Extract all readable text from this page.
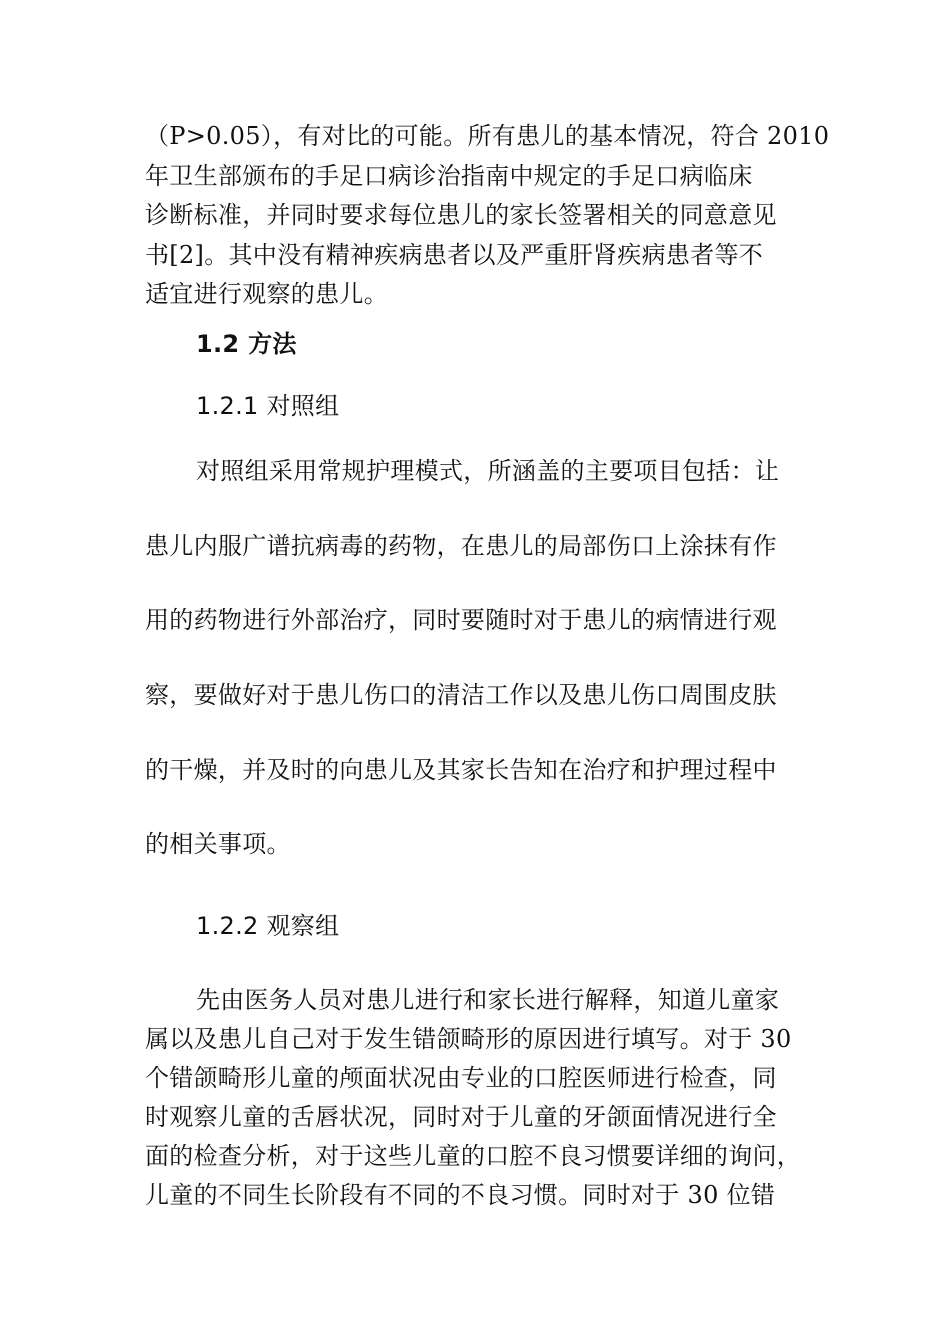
（P>0.05），有对比的可能。所有患儿的基本情况，符合 2010
年卫生部颁布的手足口病诊治指南中规定的手足口病临床
诊断标准，并同时要求每位患儿的家长签署相关的同意意见
书[2]。其中没有精神疾病患者以及严重肝肾疾病患者等不
适宜进行观察的患儿。
1.2 方法
1.2.1 对照组
对照组采用常规护理模式，所涵盖的主要项目包括：让
患儿内服广谱抗病毒的药物，在患儿的局部伤口上涂抹有作
用的药物进行外部治疗，同时要随时对于患儿的病情进行观
察，要做好对于患儿伤口的清洁工作以及患儿伤口周围皮肤
的干燥，并及时的向患儿及其家长告知在治疗和护理过程中
的相关事项。
1.2.2 观察组
先由医务人员对患儿进行和家长进行解释，知道儿童家
属以及患儿自己对于发生错颌畸形的原因进行填写。对于 30
个错颌畸形儿童的颅面状况由专业的口腔医师进行检查，同
时观察儿童的舌唇状况，同时对于儿童的牙颌面情况进行全
面的检查分析，对于这些儿童的口腔不良习惯要详细的询问，
儿童的不同生长阶段有不同的不良习惯。同时对于 30 位错
